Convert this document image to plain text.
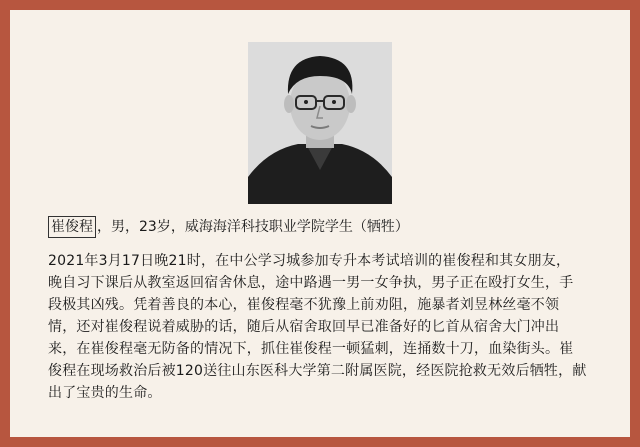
崔俊程 ，男，23岁，威海海洋科技职业学院学生（牺牲）
2021年3月17日晚21时，在中公学习城参加专升本考试培训的崔俊程和其女朋友，
晚自习下课后从教室返回宿舍休息，途中路遇一男一女争执，男子正在殴打女生，手
段极其凶残。凭着善良的本心，崔俊程毫不犹豫上前劝阻，施暴者刘昱林丝毫不领
情，还对崔俊程说着威胁的话，随后从宿舍取回早已准备好的匕首从宿舍大门冲出
来，在崔俊程毫无防备的情况下，抓住崔俊程一顿猛刺，连捅数十刀，血染街头。崔
俊程在现场救治后被120送往山东医科大学第二附属医院，经医院抢救无效后牺牲，献
出了宝贵的生命。
